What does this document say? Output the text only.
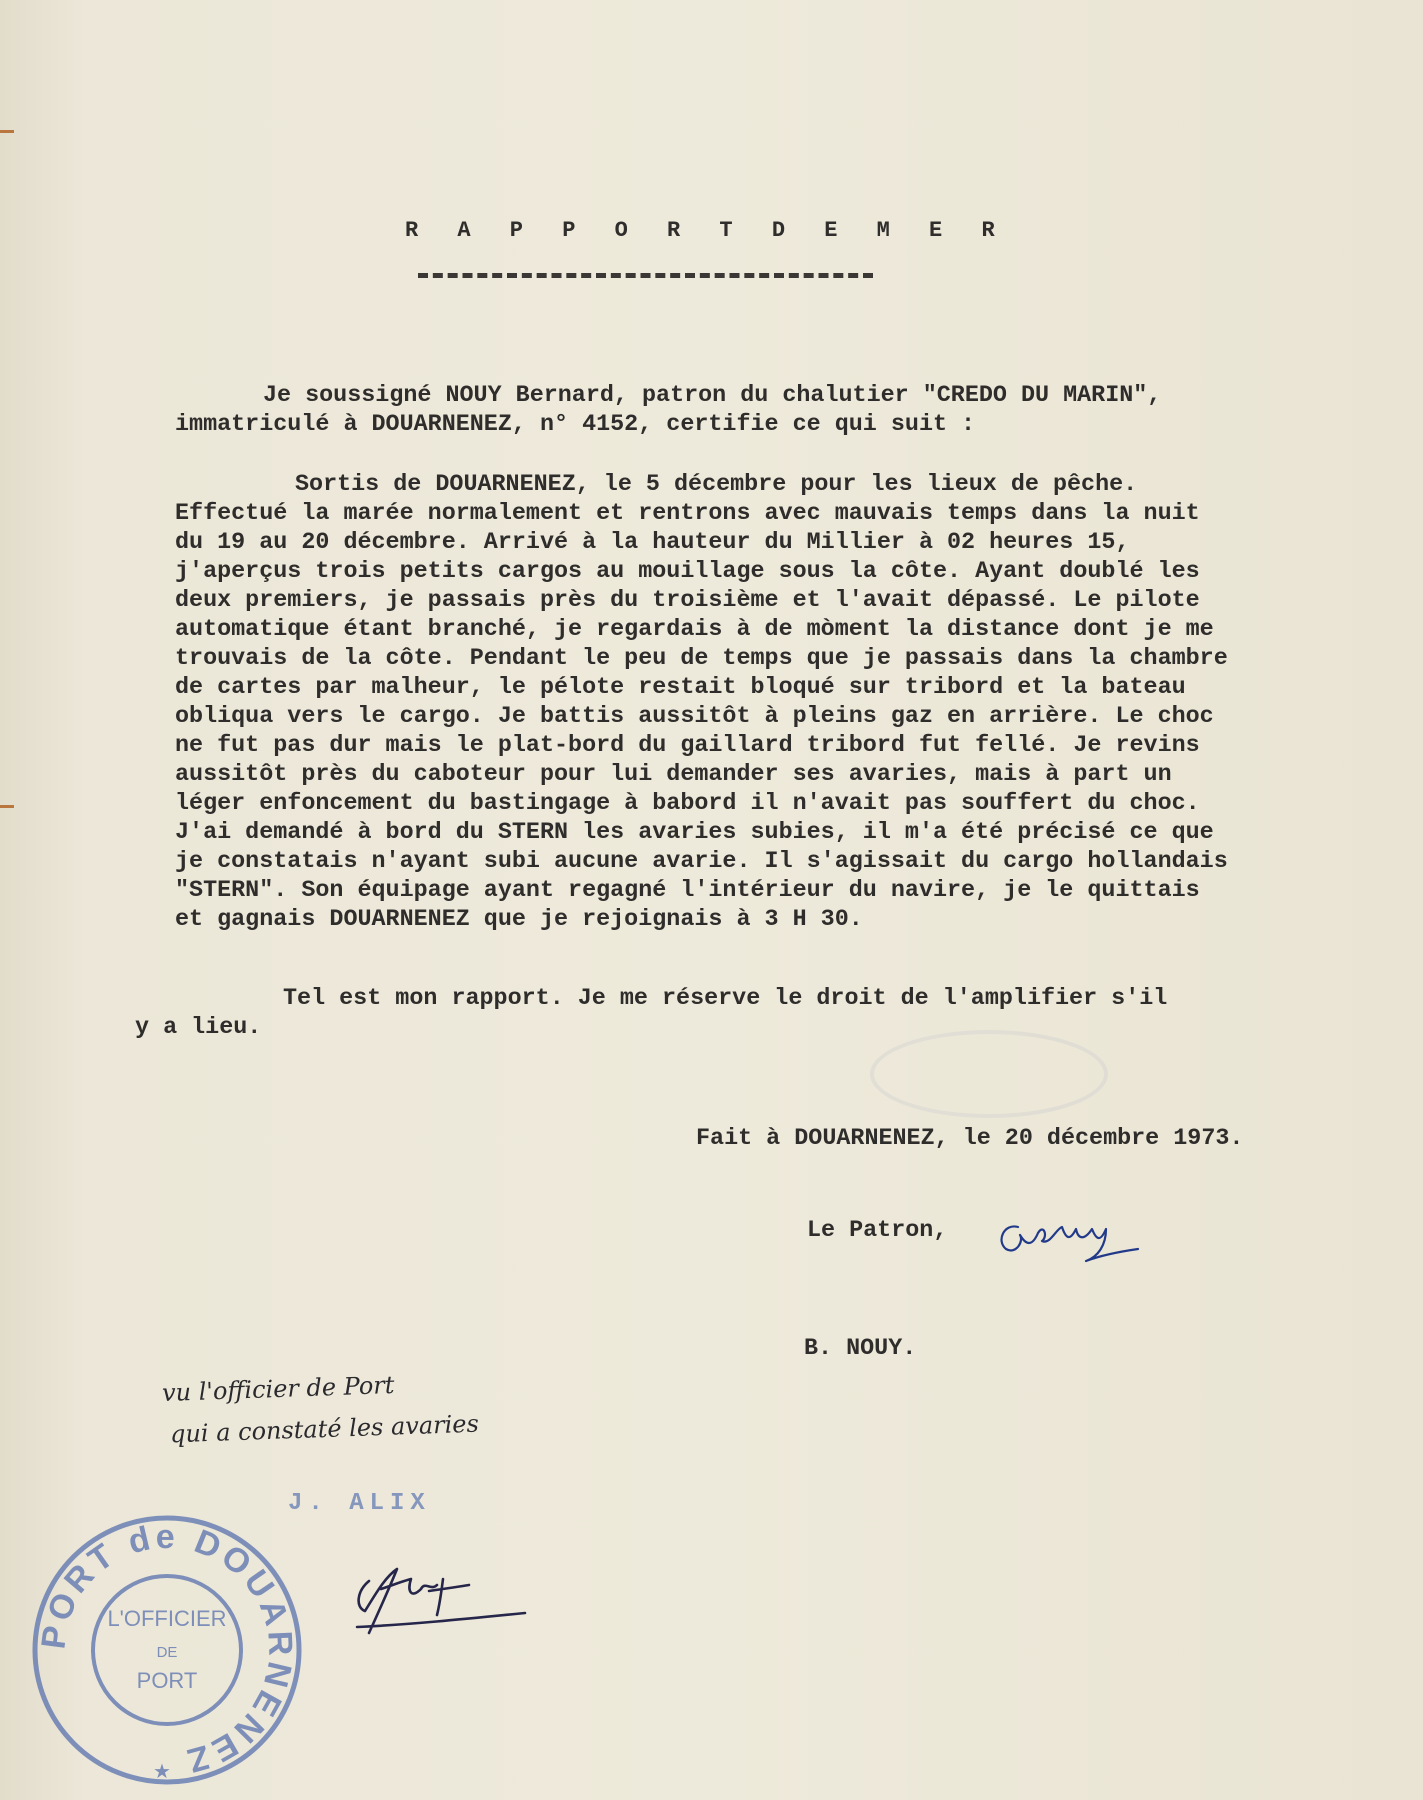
R A P P O R T D E M E R

Je soussigné NOUY Bernard, patron du chalutier "CREDO DU MARIN",

immatriculé à DOUARNENEZ, n° 4152, certifie ce qui suit :

Sortis de DOUARNENEZ, le 5 décembre pour les lieux de pêche.

Effectué la marée normalement et rentrons avec mauvais temps dans la nuit

du 19 au 20 décembre. Arrivé à la hauteur du Millier à 02 heures 15,

j'aperçus trois petits cargos au mouillage sous la côte. Ayant doublé les

deux premiers, je passais près du troisième et l'avait dépassé. Le pilote

automatique étant branché, je regardais à de mòment la distance dont je me

trouvais de la côte. Pendant le peu de temps que je passais dans la chambre

de cartes par malheur, le pélote restait bloqué sur tribord et la bateau

obliqua vers le cargo. Je battis aussitôt à pleins gaz en arrière. Le choc

ne fut pas dur mais le plat-bord du gaillard tribord fut fellé. Je revins

aussitôt près du caboteur pour lui demander ses avaries, mais à part un

léger enfoncement du bastingage à babord il n'avait pas souffert du choc.

J'ai demandé à bord du STERN les avaries subies, il m'a été précisé ce que

je constatais n'ayant subi aucune avarie. Il s'agissait du cargo hollandais

"STERN". Son équipage ayant regagné l'intérieur du navire, je le quittais

et gagnais DOUARNENEZ que je rejoignais à 3 H 30.

Tel est mon rapport. Je me réserve le droit de l'amplifier s'il

y a lieu.

Fait à DOUARNENEZ, le 20 décembre 1973.

Le Patron,

B. NOUY.

vu l'officier de Port

qui a constaté les avaries

J. ALIX

PORT de DOUARNENEZ
L'OFFICIER
DE
PORT
★
